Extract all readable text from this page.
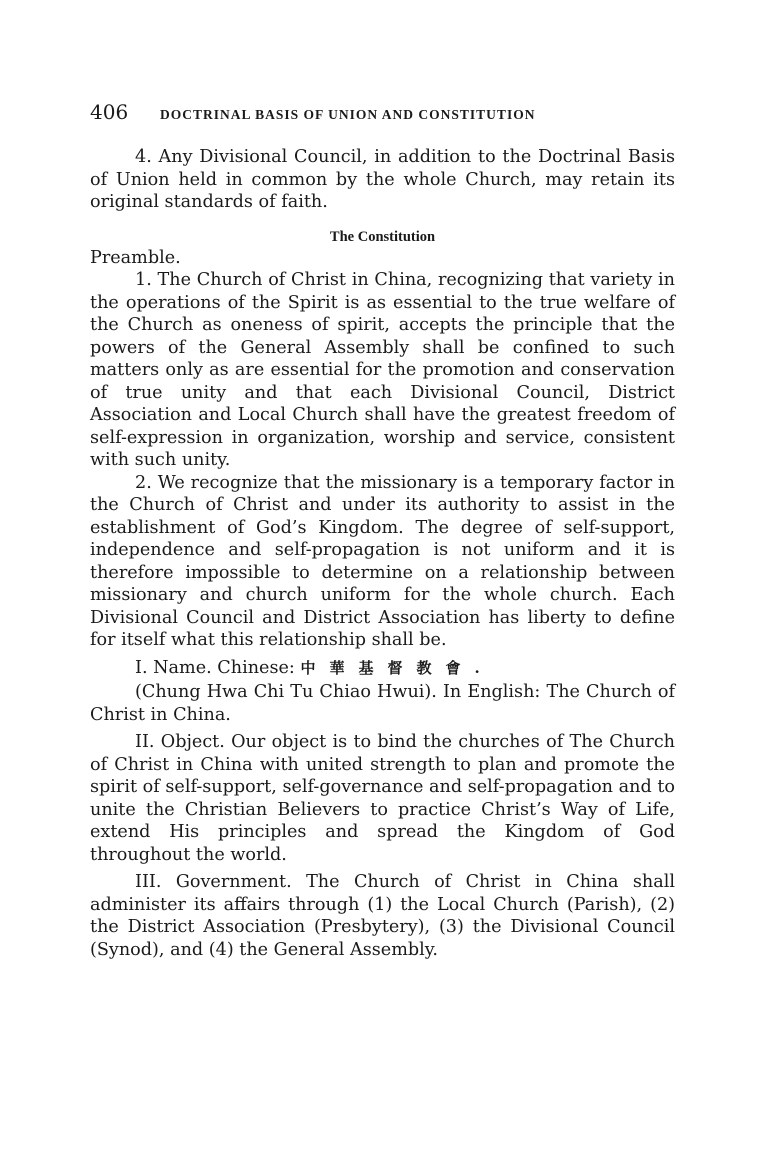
406	DOCTRINAL BASIS OF UNION AND CONSTITUTION

4. Any Divisional Council, in addition to the Doctrinal Basis of Union held in common by the whole Church, may retain its original standards of faith.

The Constitution

Preamble.

1. The Church of Christ in China, recognizing that variety in the operations of the Spirit is as essential to the true welfare of the Church as oneness of spirit, accepts the principle that the powers of the General Assembly shall be confined to such matters only as are essential for the promotion and conservation of true unity and that each Divisional Council, District Association and Local Church shall have the greatest freedom of self-expression in organization, worship and service, consistent with such unity.

2. We recognize that the missionary is a temporary factor in the Church of Christ and under its authority to assist in the establishment of God’s Kingdom. The degree of self-support, independence and self-propagation is not uniform and it is therefore impossible to determine on a relationship between missionary and church uniform for the whole church. Each Divisional Council and District Association has liberty to define for itself what this relationship shall be.

I. Name. Chinese: 中華基督教會.

(Chung Hwa Chi Tu Chiao Hwui). In English: The Church of Christ in China.

II. Object. Our object is to bind the churches of The Church of Christ in China with united strength to plan and promote the spirit of self-support, self-governance and self-propagation and to unite the Christian Believers to practice Christ’s Way of Life, extend His principles and spread the Kingdom of God throughout the world.

III. Government. The Church of Christ in China shall administer its affairs through (1) the Local Church (Parish), (2) the District Association (Presbytery), (3) the Divisional Council (Synod), and (4) the General Assembly.
